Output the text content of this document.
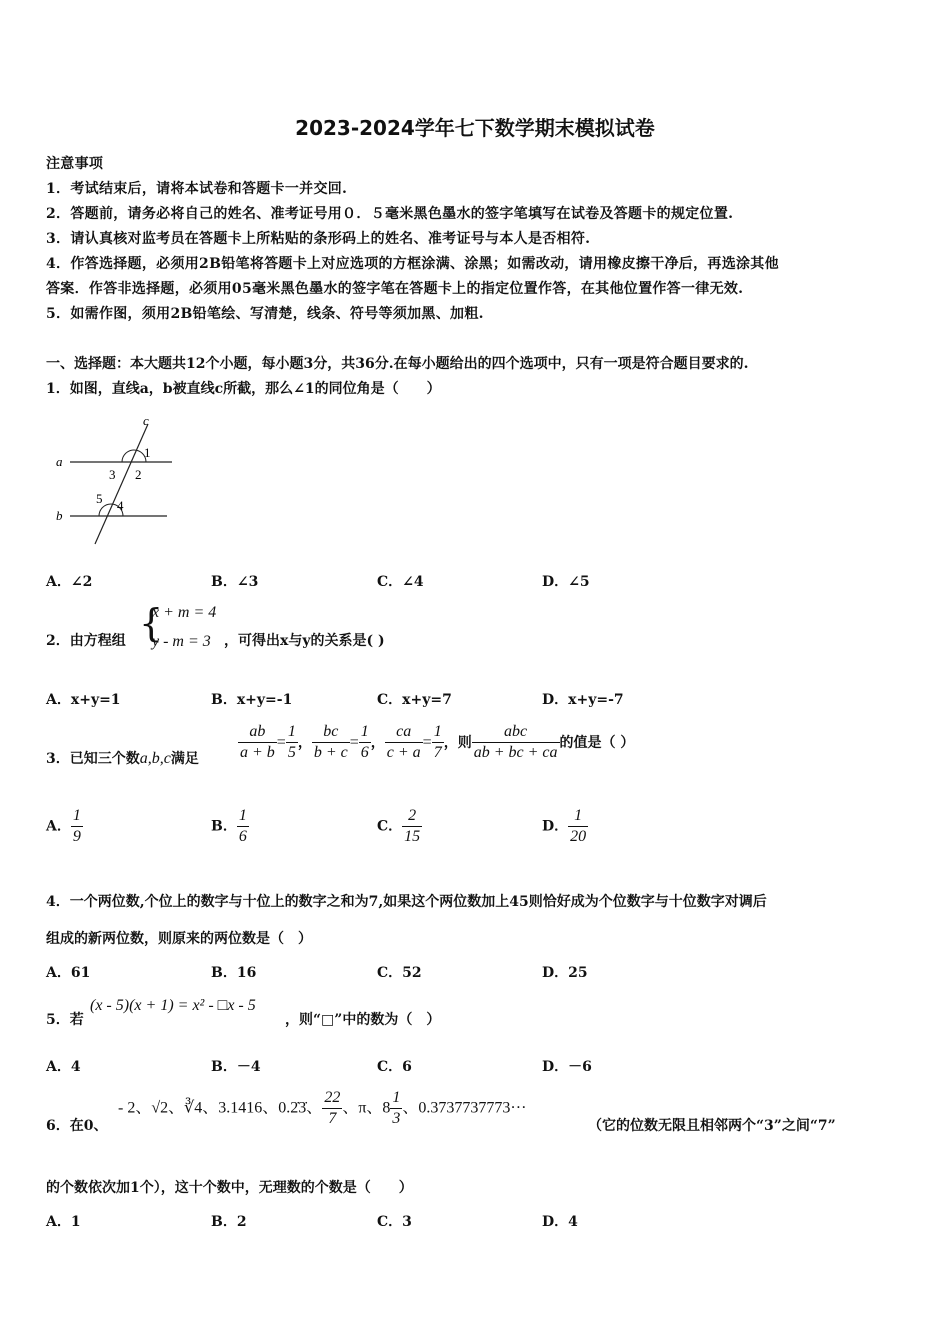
2023-2024学年七下数学期末模拟试卷
注意事项
1．考试结束后，请将本试卷和答题卡一并交回.
2．答题前，请务必将自己的姓名、准考证号用０．５毫米黑色墨水的签字笔填写在试卷及答题卡的规定位置.
3．请认真核对监考员在答题卡上所粘贴的条形码上的姓名、准考证号与本人是否相符.
4．作答选择题，必须用2B铅笔将答题卡上对应选项的方框涂满、涂黑；如需改动，请用橡皮擦干净后，再选涂其他
答案．作答非选择题，必须用05毫米黑色墨水的签字笔在答题卡上的指定位置作答，在其他位置作答一律无效.
5．如需作图，须用2B铅笔绘、写清楚，线条、符号等须加黑、加粗.
一、选择题：本大题共12个小题，每小题3分，共36分.在每小题给出的四个选项中，只有一项是符合题目要求的.
1．如图，直线a，b被直线c所截，那么∠1的同位角是（　　）
c
a
b
1
2
3
4
5
A．∠2	B．∠3	C．∠4	D．∠5
2．由方程组 {
x + m = 4
y - m = 3 ，可得出x与y的关系是( )
A．x+y=1	B．x+y=-1	C．x+y=7	D．x+y=-7
3．已知三个数a,b,c满足 $\frac{ab}{a + b} = \frac{1}{5}$ ， $\frac{bc}{b + c} = \frac{1}{6}$ ， $\frac{ca}{c + a} = \frac{1}{7}$ ，则 $\frac{\text{abc}}{ab + bc + ca}$ 的值是（ ）
A． $\frac{1}{9}$	B． $\frac{1}{6}$	C． $\frac{2}{15}$	D． $\frac{1}{20}$
4．一个两位数,个位上的数字与十位上的数字之和为7,如果这个两位数加上45则恰好成为个位数字与十位数字对调后
组成的新两位数，则原来的两位数是（　）
A．61	B．16	C．52	D．25
5．若
(x - 5)(x + 1) = x² - □x - 5
，则“□”中的数为（　）
A．4	B．－4	C．6	D．－6
6．在0、
- 2、√2、∛4、3.1416、0.2̇3̇、 $\frac{22}{7}$ 、π、$8 \frac{1}{3}$ 、0.3737737773···
（它的位数无限且相邻两个“3”之间“7”
的个数依次加1个），这十个数中，无理数的个数是（　　）
A．1	B．2	C．3	D．4
